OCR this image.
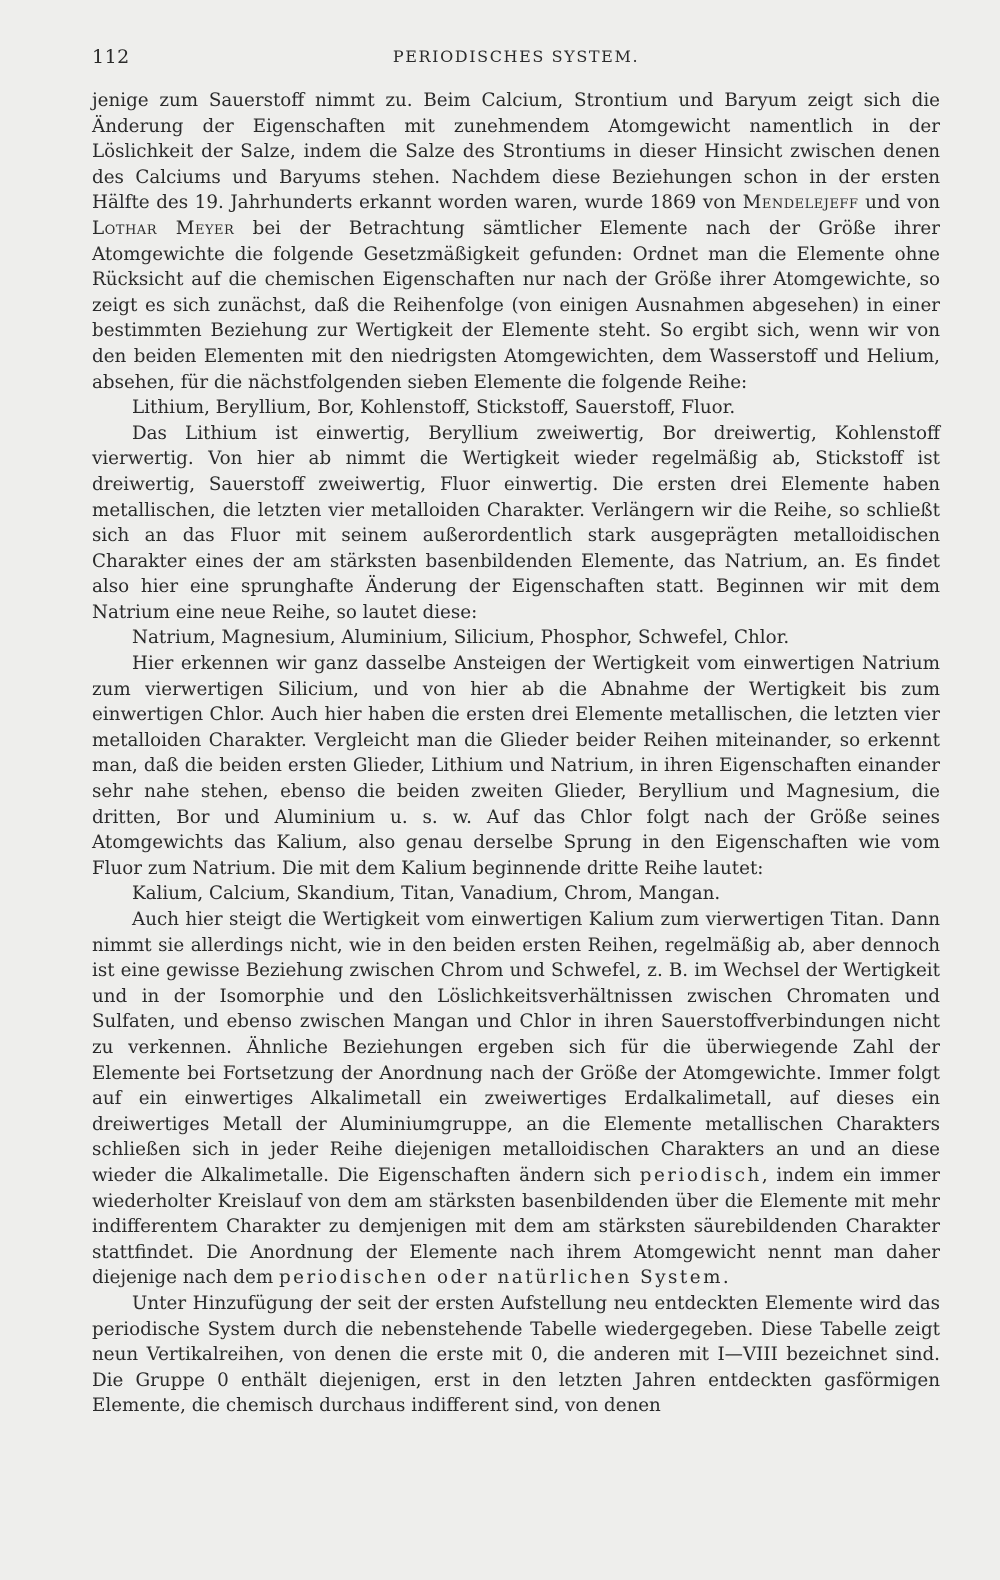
112	PERIODISCHES SYSTEM.

jenige zum Sauerstoff nimmt zu. Beim Calcium, Strontium und Baryum zeigt sich die Änderung der Eigenschaften mit zunehmendem Atomgewicht namentlich in der Löslichkeit der Salze, indem die Salze des Strontiums in dieser Hinsicht zwischen denen des Calciums und Baryums stehen. Nachdem diese Beziehungen schon in der ersten Hälfte des 19. Jahrhunderts erkannt worden waren, wurde 1869 von Mendelejeff und von Lothar Meyer bei der Betrachtung sämtlicher Elemente nach der Größe ihrer Atomgewichte die folgende Gesetzmäßigkeit gefunden: Ordnet man die Elemente ohne Rücksicht auf die chemischen Eigenschaften nur nach der Größe ihrer Atomgewichte, so zeigt es sich zunächst, daß die Reihenfolge (von einigen Ausnahmen abgesehen) in einer bestimmten Beziehung zur Wertigkeit der Elemente steht. So ergibt sich, wenn wir von den beiden Elementen mit den niedrigsten Atomgewichten, dem Wasserstoff und Helium, absehen, für die nächstfolgenden sieben Elemente die folgende Reihe:

Lithium, Beryllium, Bor, Kohlenstoff, Stickstoff, Sauerstoff, Fluor.

Das Lithium ist einwertig, Beryllium zweiwertig, Bor dreiwertig, Kohlenstoff vierwertig. Von hier ab nimmt die Wertigkeit wieder regelmäßig ab, Stickstoff ist dreiwertig, Sauerstoff zweiwertig, Fluor einwertig. Die ersten drei Elemente haben metallischen, die letzten vier metalloiden Charakter. Verlängern wir die Reihe, so schließt sich an das Fluor mit seinem außerordentlich stark ausgeprägten metalloidischen Charakter eines der am stärksten basenbildenden Elemente, das Natrium, an. Es findet also hier eine sprunghafte Änderung der Eigenschaften statt. Beginnen wir mit dem Natrium eine neue Reihe, so lautet diese:

Natrium, Magnesium, Aluminium, Silicium, Phosphor, Schwefel, Chlor.

Hier erkennen wir ganz dasselbe Ansteigen der Wertigkeit vom einwertigen Natrium zum vierwertigen Silicium, und von hier ab die Abnahme der Wertigkeit bis zum einwertigen Chlor. Auch hier haben die ersten drei Elemente metallischen, die letzten vier metalloiden Charakter. Vergleicht man die Glieder beider Reihen miteinander, so erkennt man, daß die beiden ersten Glieder, Lithium und Natrium, in ihren Eigenschaften einander sehr nahe stehen, ebenso die beiden zweiten Glieder, Beryllium und Magnesium, die dritten, Bor und Aluminium u. s. w. Auf das Chlor folgt nach der Größe seines Atomgewichts das Kalium, also genau derselbe Sprung in den Eigenschaften wie vom Fluor zum Natrium. Die mit dem Kalium beginnende dritte Reihe lautet:

Kalium, Calcium, Skandium, Titan, Vanadium, Chrom, Mangan.

Auch hier steigt die Wertigkeit vom einwertigen Kalium zum vierwertigen Titan. Dann nimmt sie allerdings nicht, wie in den beiden ersten Reihen, regelmäßig ab, aber dennoch ist eine gewisse Beziehung zwischen Chrom und Schwefel, z. B. im Wechsel der Wertigkeit und in der Isomorphie und den Löslichkeitsverhältnissen zwischen Chromaten und Sulfaten, und ebenso zwischen Mangan und Chlor in ihren Sauerstoffverbindungen nicht zu verkennen. Ähnliche Beziehungen ergeben sich für die überwiegende Zahl der Elemente bei Fortsetzung der Anordnung nach der Größe der Atomgewichte. Immer folgt auf ein einwertiges Alkalimetall ein zweiwertiges Erdalkalimetall, auf dieses ein dreiwertiges Metall der Aluminiumgruppe, an die Elemente metallischen Charakters schließen sich in jeder Reihe diejenigen metalloidischen Charakters an und an diese wieder die Alkalimetalle. Die Eigenschaften ändern sich periodisch, indem ein immer wiederholter Kreislauf von dem am stärksten basenbildenden über die Elemente mit mehr indifferentem Charakter zu demjenigen mit dem am stärksten säurebildenden Charakter stattfindet. Die Anordnung der Elemente nach ihrem Atomgewicht nennt man daher diejenige nach dem periodischen oder natürlichen System.

Unter Hinzufügung der seit der ersten Aufstellung neu entdeckten Elemente wird das periodische System durch die nebenstehende Tabelle wiedergegeben. Diese Tabelle zeigt neun Vertikalreihen, von denen die erste mit 0, die anderen mit I—VIII bezeichnet sind. Die Gruppe 0 enthält diejenigen, erst in den letzten Jahren entdeckten gasförmigen Elemente, die chemisch durchaus indifferent sind, von denen
